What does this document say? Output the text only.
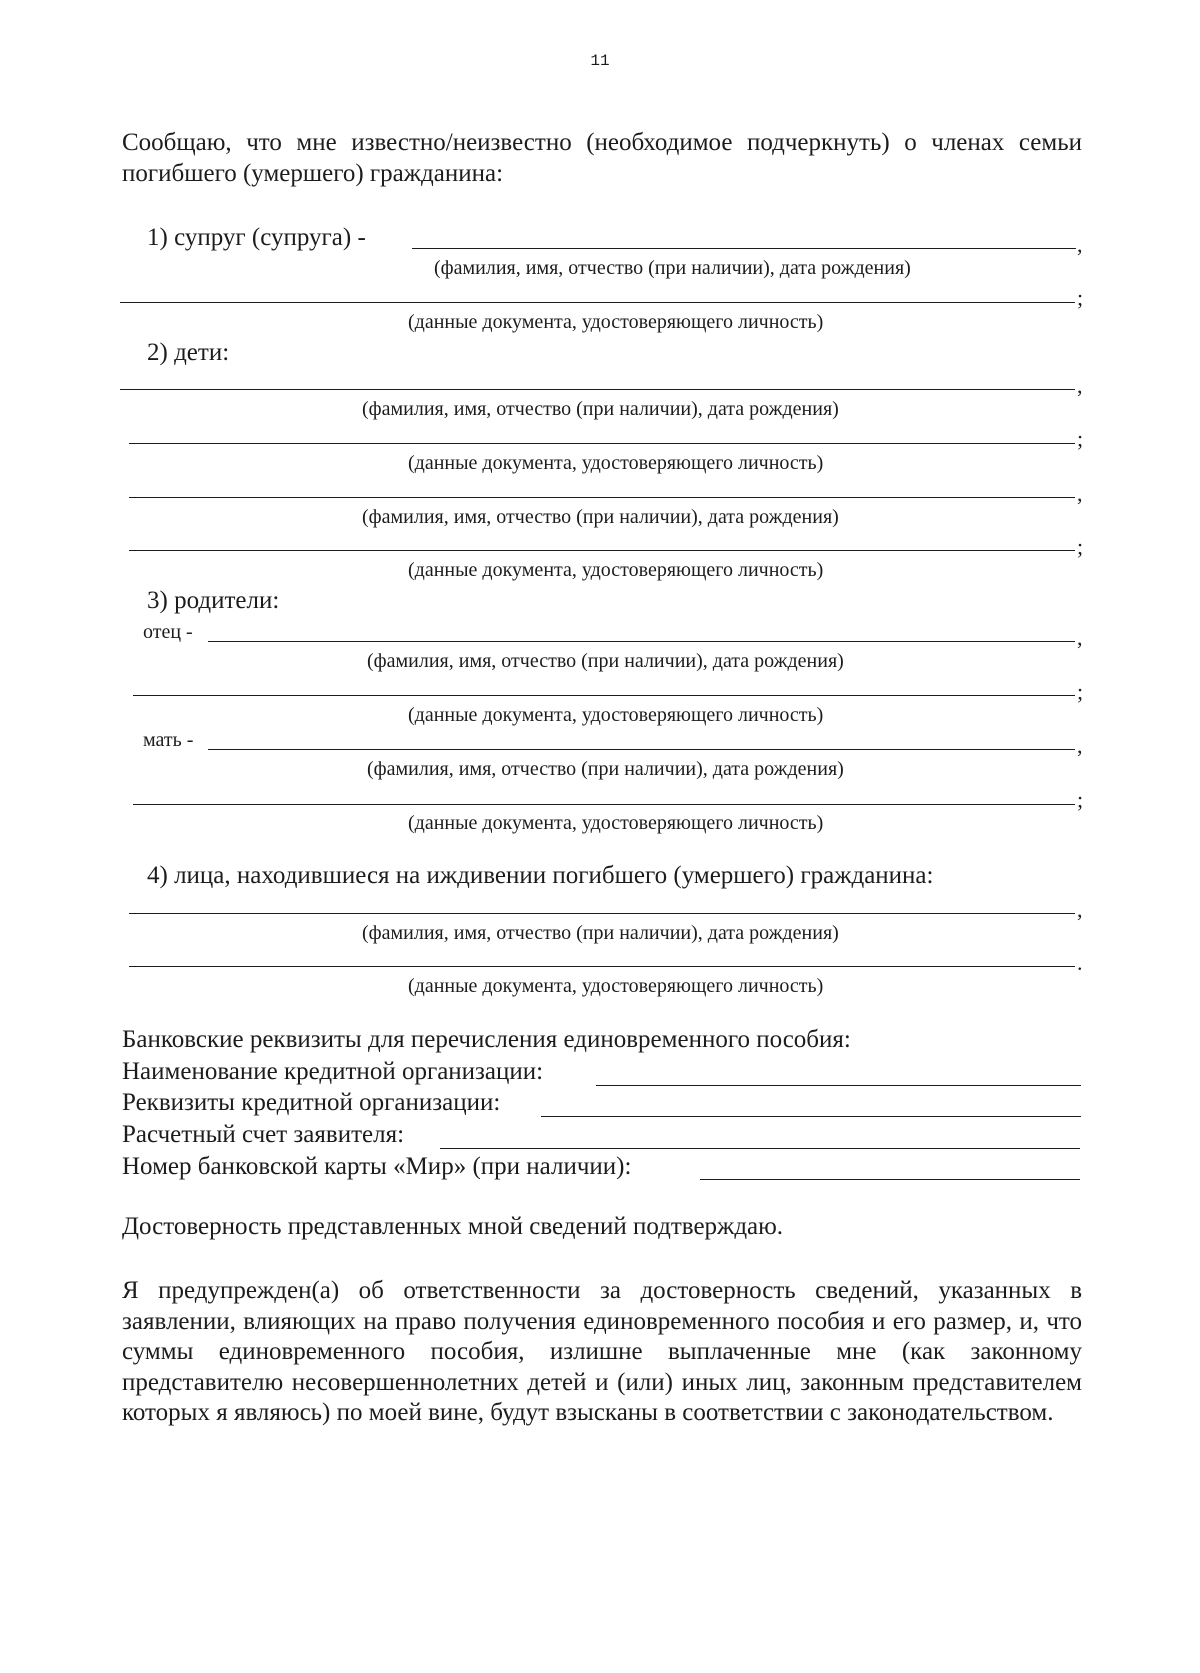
11
Сообщаю, что мне известно/неизвестно (необходимое подчеркнуть) о членах семьи погибшего (умершего) гражданина:
1) супруг (супруга) -	,
(фамилия, имя, отчество (при наличии), дата рождения)
;
(данные документа, удостоверяющего личность)
2) дети:
,
(фамилия, имя, отчество (при наличии), дата рождения)
;
(данные документа, удостоверяющего личность)
,
(фамилия, имя, отчество (при наличии), дата рождения)
;
(данные документа, удостоверяющего личность)
3) родители:
отец -	,
(фамилия, имя, отчество (при наличии), дата рождения)
;
(данные документа, удостоверяющего личность)
мать -	,
(фамилия, имя, отчество (при наличии), дата рождения)
;
(данные документа, удостоверяющего личность)
4) лица, находившиеся на иждивении погибшего (умершего) гражданина:
,
(фамилия, имя, отчество (при наличии), дата рождения)
.
(данные документа, удостоверяющего личность)
Банковские реквизиты для перечисления единовременного пособия:
Наименование кредитной организации:
Реквизиты кредитной организации:
Расчетный счет заявителя:
Номер банковской карты «Мир» (при наличии):
Достоверность представленных мной сведений подтверждаю.
Я предупрежден(а) об ответственности за достоверность сведений, указанных в заявлении, влияющих на право получения единовременного пособия и его размер, и, что суммы единовременного пособия, излишне выплаченные мне (как законному представителю несовершеннолетних детей и (или) иных лиц, законным представителем которых я являюсь) по моей вине, будут взысканы в соответствии с законодательством.
